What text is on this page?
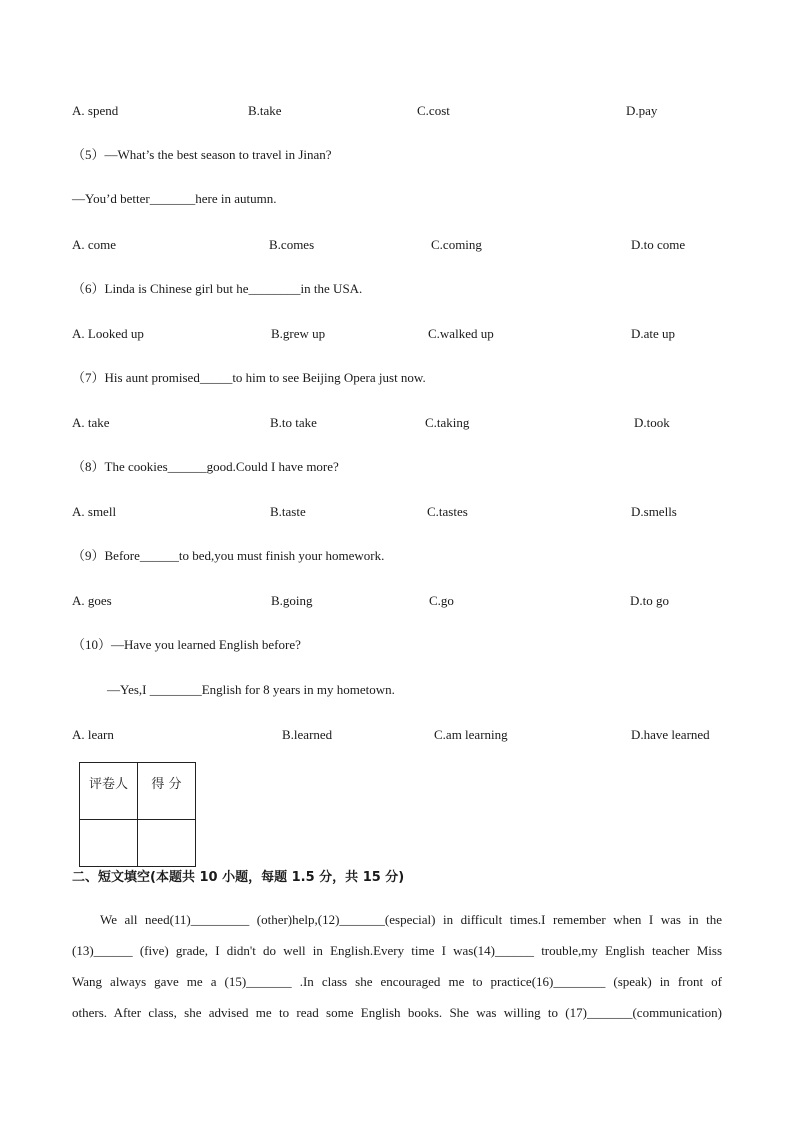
A. spend	B.take	C.cost	D.pay
（5）—What’s the best season to travel in Jinan?
—You’d better_______here in autumn.
A. come	B.comes	C.coming	D.to come
（6）Linda is Chinese girl but he________in the USA.
A. Looked up	B.grew up	C.walked up	D.ate up
（7）His aunt promised_____to him to see Beijing Opera just now.
A. take	B.to take	C.taking	D.took
（8）The cookies______good.Could I have more?
A. smell	B.taste	C.tastes	D.smells
（9）Before______to bed,you must finish your homework.
A. goes	B.going	C.go	D.to go
（10）—Have you learned English before?
—Yes,I ________English for 8 years in my hometown.
A. learn	B.learned	C.am learning	D.have learned
评卷人	得 分

二、短文填空(本题共 10 小题，每题 1.5 分，共 15 分)
We all need(11)_________ (other)help,(12)_______(especial) in difficult times.I remember when I was in the
(13)______ (five) grade, I didn't do well in English.Every time I was(14)______ trouble,my English teacher Miss
Wang always gave me a (15)_______ .In class she encouraged me to practice(16)________ (speak) in front of
others. After class, she advised me to read some English books. She was willing to (17)_______(communication)
